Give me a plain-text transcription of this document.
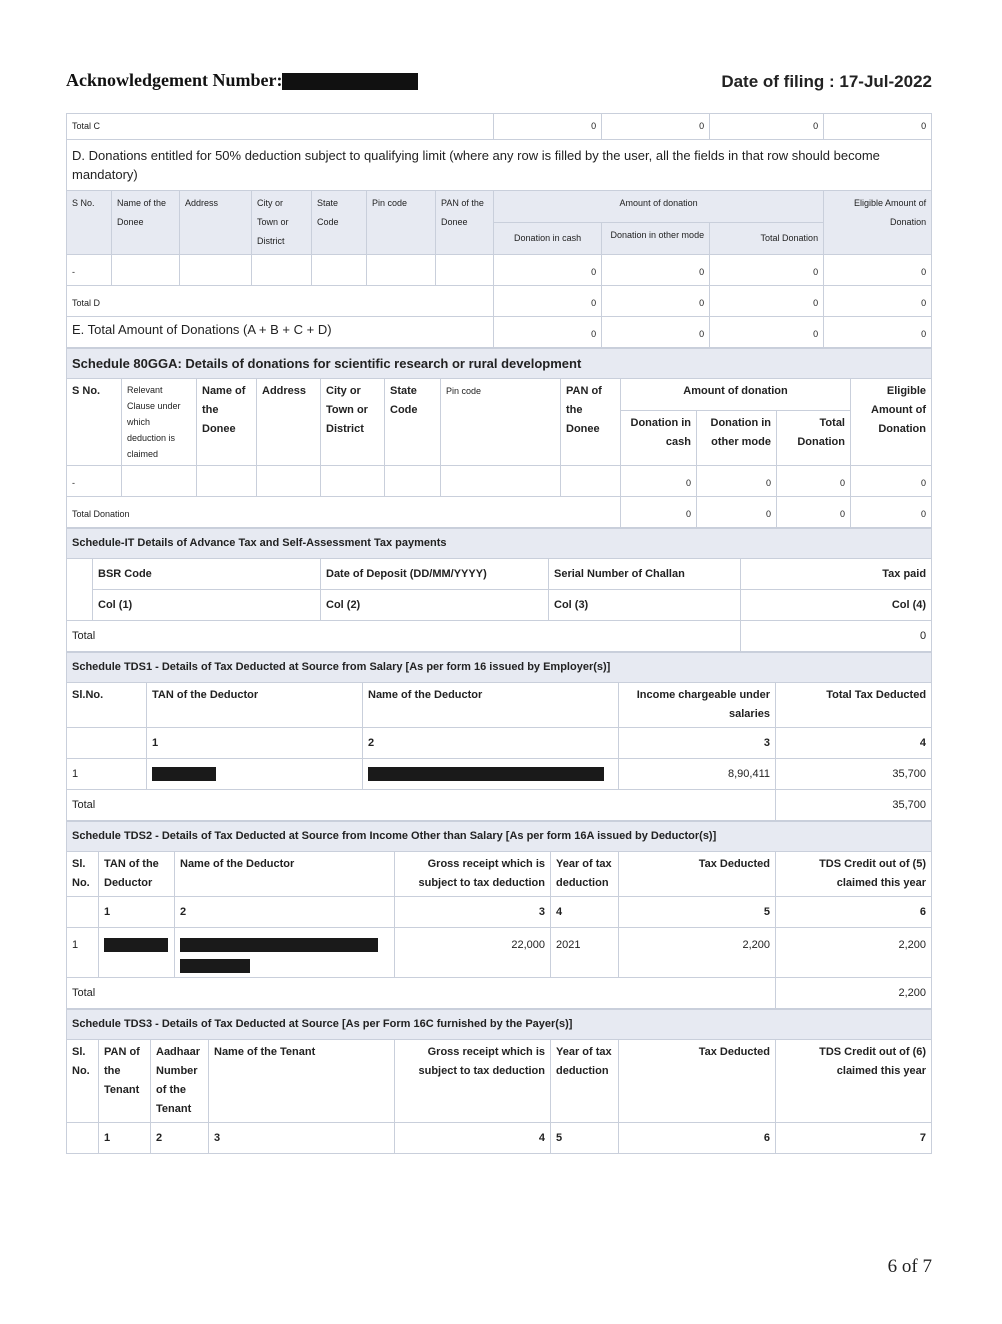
Acknowledgement Number:	Date of filing : 17-Jul-2022
Total C							0	0	0	0
D. Donations entitled for 50% deduction subject to qualifying limit (where any row is filled by the user, all the fields in that row should become mandatory)										
S No.	Name of the Donee	Address	City or Town or District	State Code	Pin code	PAN of the Donee	Amount of donation			Eligible Amount of Donation
							Donation in cash	Donation in other mode	Total Donation	
-							0	0	0	0
Total D							0	0	0	0
E. Total Amount of Donations (A + B + C + D)							0	0	0	0
Schedule 80GGA: Details of donations for scientific research or rural development											
S No.	Relevant Clause under which deduction is claimed	Name of the Donee	Address	City or Town or District	State Code	Pin code	PAN of the Donee	Amount of donation			Eligible Amount of Donation
								Donation in cash	Donation in other mode	Total Donation	
-								0	0	0	0
Total Donation								0	0	0	0
Schedule-IT Details of Advance Tax and Self-Assessment Tax payments				
	BSR Code	Date of Deposit (DD/MM/YYYY)	Serial Number of Challan	Tax paid
	Col (1)	Col (2)	Col (3)	Col (4)
Total				0
Schedule TDS1 - Details of Tax Deducted at Source from Salary [As per form 16 issued by Employer(s)]				
Sl.No.	TAN of the Deductor	Name of the Deductor	Income chargeable under salaries	Total Tax Deducted
	1	2	3	4
1			8,90,411	35,700
Total				35,700
Schedule TDS2 - Details of Tax Deducted at Source from Income Other than Salary [As per form 16A issued by Deductor(s)]						
Sl. No.	TAN of the Deductor	Name of the Deductor	Gross receipt which is subject to tax deduction	Year of tax deduction	Tax Deducted	TDS Credit out of (5) claimed this year
	1	2	3	4	5	6
1			22,000	2021	2,200	2,200
Total						2,200
Schedule TDS3 - Details of Tax Deducted at Source [As per Form 16C furnished by the Payer(s)]							
Sl. No.	PAN of the Tenant	Aadhaar Number of the Tenant	Name of the Tenant	Gross receipt which is subject to tax deduction	Year of tax deduction	Tax Deducted	TDS Credit out of (6) claimed this year
	1	2	3	4	5	6	7
6 of 7
